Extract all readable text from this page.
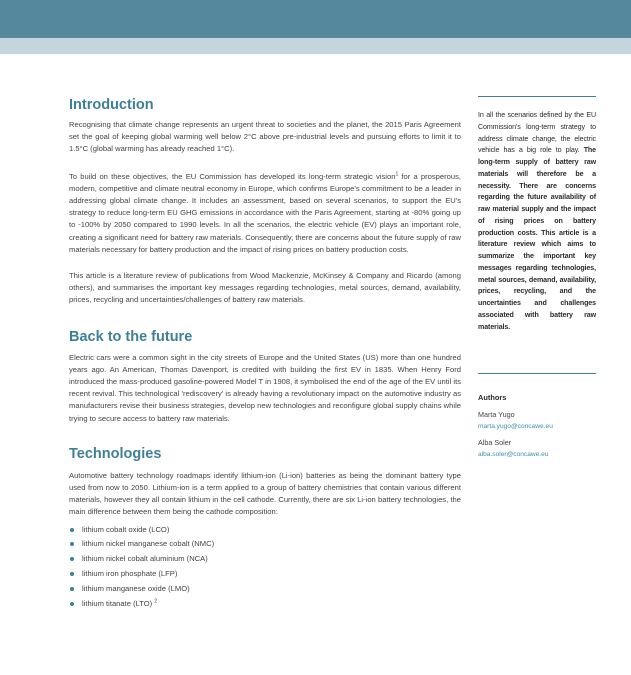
Introduction

Recognising that climate change represents an urgent threat to societies and the planet, the 2015 Paris Agreement set the goal of keeping global warming well below 2°C above pre-industrial levels and pursuing efforts to limit it to 1.5°C (global warming has already reached 1°C).

To build on these objectives, the EU Commission has developed its long-term strategic vision$^1$ for a prosperous, modern, competitive and climate neutral economy in Europe, which confirms Europe's commitment to be a leader in addressing global climate change. It includes an assessment, based on several scenarios, to support the EU's strategy to reduce long-term EU GHG emissions in accordance with the Paris Agreement, starting at -80% going up to -100% by 2050 compared to 1990 levels. In all the scenarios, the electric vehicle (EV) plays an important role, creating a significant need for battery raw materials. Consequently, there are concerns about the future supply of raw materials necessary for battery production and the impact of rising prices on battery production costs.

This article is a literature review of publications from Wood Mackenzie, McKinsey & Company and Ricardo (among others), and summarises the important key messages regarding technologies, metal sources, demand, availability, prices, recycling and uncertainties/challenges of battery raw materials.

Back to the future

Electric cars were a common sight in the city streets of Europe and the United States (US) more than one hundred years ago. An American, Thomas Davenport, is credited with building the first EV in 1835. When Henry Ford introduced the mass-produced gasoline-powered Model T in 1908, it symbolised the end of the age of the EV until its recent revival. This technological 'rediscovery' is already having a revolutionary impact on the automotive industry as manufacturers revise their business strategies, develop new technologies and reconfigure global supply chains while trying to secure access to battery raw materials.

Technologies

Automotive battery technology roadmaps identify lithium-ion (Li-ion) batteries as being the dominant battery type used from now to 2050. Lithium-ion is a term applied to a group of battery chemistries that contain various different materials, however they all contain lithium in the cell cathode. Currently, there are six Li-ion battery technologies, the main difference between them being the cathode composition:

lithium cobalt oxide (LCO)
lithium nickel manganese cobalt (NMC)
lithium nickel cobalt aluminium (NCA)
lithium iron phosphate (LFP)
lithium manganese oxide (LMO)
lithium titanate (LTO) $^2$

In all the scenarios defined by the EU Commission's long-term strategy to address climate change, the electric vehicle has a big role to play. The long-term supply of battery raw materials will therefore be a necessity. There are concerns regarding the future availability of raw material supply and the impact of rising prices on battery production costs. This article is a literature review which aims to summarize the important key messages regarding technologies, metal sources, demand, availability, prices, recycling, and the uncertainties and challenges associated with battery raw materials.

Authors

Marta Yugo

marta.yugo@concawe.eu

Alba Soler

alba.soler@concawe.eu
